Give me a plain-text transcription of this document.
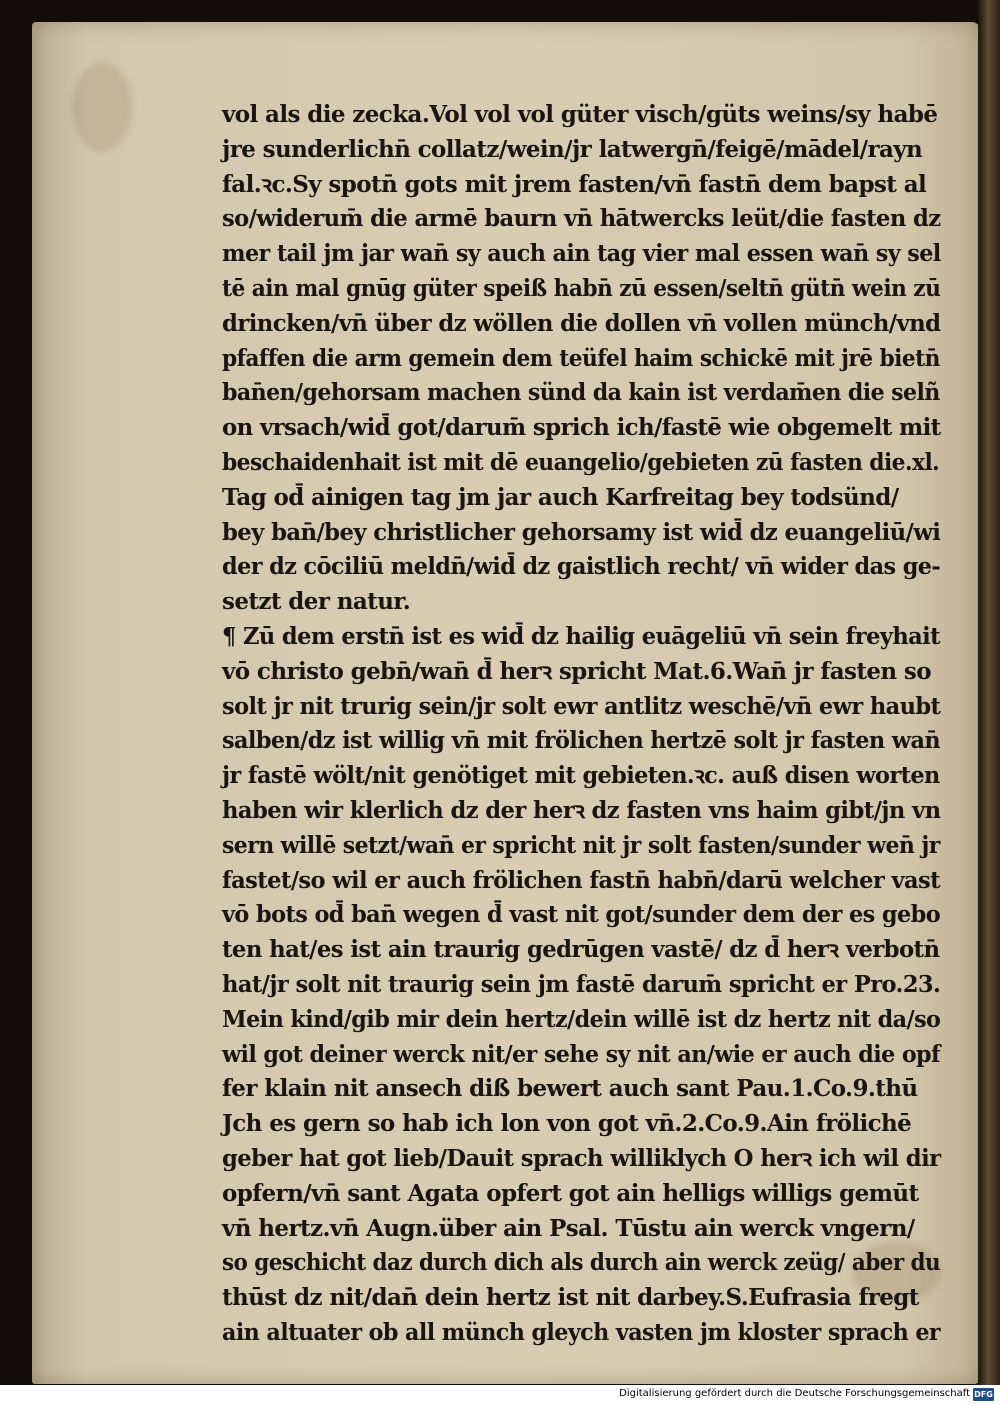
vol als die zecka.Vol vol vol güter visch/güts weins/sy habē
jre sunderlichn̄ collatz/wein/jr latwergn̄/feigē/mādel/rayn
fal.ꝛc.Sy spotn̄ gots mit jrem fasten/vn̄ fastn̄ dem bapst al
so/widerum̄ die armē baurn vn̄ hātwercks leüt/die fasten dz
mer tail jm jar wan̄ sy auch ain tag vier mal essen wan̄ sy sel
tē ain mal gnūg güter speiß habn̄ zū essen/seltn̄ gütn̄ wein zū
drincken/vn̄ über dz wöllen die dollen vn̄ vollen münch/vnd
pfaffen die arm gemein dem teüfel haim schickē mit jrē bietn̄
ban̄en/gehorsam machen sünd da kain ist verdam̄en die selñ
on vrsach/wid̄ got/darum̄ sprich ich/fastē wie obgemelt mit
beschaidenhait ist mit dē euangelio/gebieten zū fasten die.xl.
Tag od̄ ainigen tag jm jar auch Karfreitag bey todsünd/
bey ban̄/bey christlicher gehorsamy ist wid̄ dz euangeliū/wi
der dz cōciliū meldn̄/wid̄ dz gaistlich recht/ vn̄ wider das ge-
setzt der natur.
¶ Zū dem erstn̄ ist es wid̄ dz hailig euāgeliū vn̄ sein freyhait
vō christo gebn̄/wan̄ d̄ herꝛ spricht Mat.6.Wan̄ jr fasten so
solt jr nit trurig sein/jr solt ewr antlitz weschē/vn̄ ewr haubt
salben/dz ist willig vn̄ mit frölichen hertzē solt jr fasten wan̄
jr fastē wölt/nit genötiget mit gebieten.ꝛc. auß disen worten
haben wir klerlich dz der herꝛ dz fasten vns haim gibt/jn vn
sern willē setzt/wan̄ er spricht nit jr solt fasten/sunder wen̄ jr
fastet/so wil er auch frölichen fastn̄ habn̄/darū welcher vast
vō bots od̄ ban̄ wegen d̄ vast nit got/sunder dem der es gebo
ten hat/es ist ain traurig gedrūgen vastē/ dz d̄ herꝛ verbotn̄
hat/jr solt nit traurig sein jm fastē darum̄ spricht er Pro.23.
Mein kind/gib mir dein hertz/dein willē ist dz hertz nit da/so
wil got deiner werck nit/er sehe sy nit an/wie er auch die opf
fer klain nit ansech diß bewert auch sant Pau.1.Co.9.thū
Jch es gern so hab ich lon von got vn̄.2.Co.9.Ain frölichē
geber hat got lieb/Dauit sprach williklych O herꝛ ich wil dir
opfern/vn̄ sant Agata opfert got ain helligs willigs gemūt
vn̄ hertz.vn̄ Augn.über ain Psal. Tūstu ain werck vngern/
so geschicht daz durch dich als durch ain werck zeüg/ aber du
thūst dz nit/dan̄ dein hertz ist nit darbey.S.Eufrasia fregt
ain altuater ob all münch gleych vasten jm kloster sprach er
Digitalisierung gefördert durch die Deutsche Forschungsgemeinschaft DFG
